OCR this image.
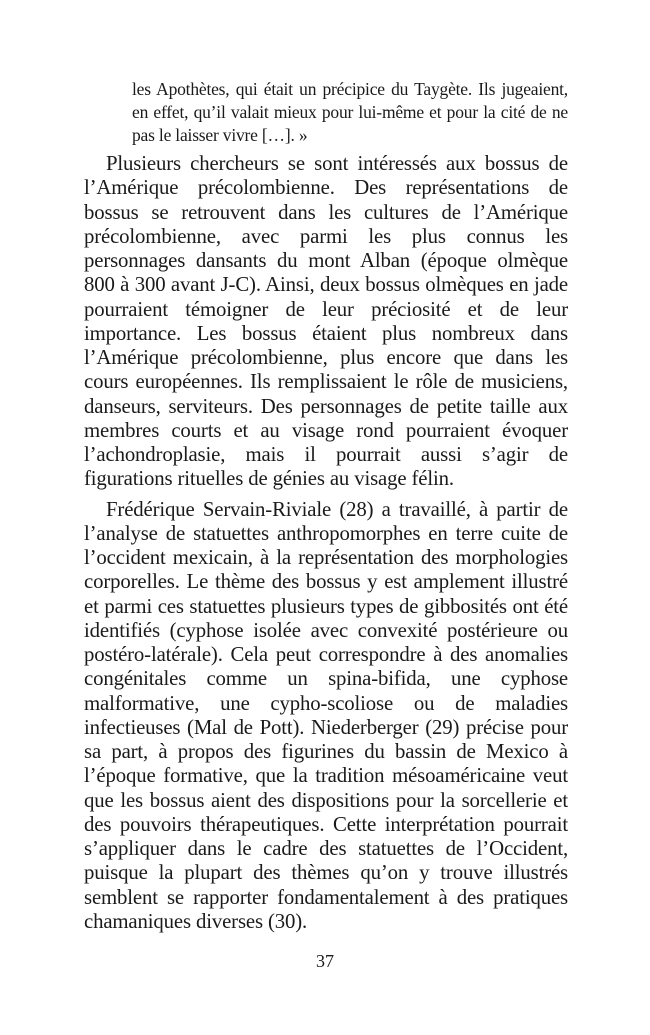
les Apothètes, qui était un précipice du Taygète. Ils jugeaient, en effet, qu’il valait mieux pour lui-même et pour la cité de ne pas le laisser vivre […]. »

Plusieurs chercheurs se sont intéressés aux bossus de l’Amérique précolombienne. Des représentations de bossus se retrouvent dans les cultures de l’Amérique précolombienne, avec parmi les plus connus les personnages dansants du mont Alban (époque olmèque 800 à 300 avant J-C). Ainsi, deux bossus olmèques en jade pourraient témoigner de leur préciosité et de leur importance. Les bossus étaient plus nombreux dans l’Amérique précolombienne, plus encore que dans les cours européennes. Ils remplissaient le rôle de musiciens, danseurs, serviteurs. Des personnages de petite taille aux membres courts et au visage rond pourraient évoquer l’achondroplasie, mais il pourrait aussi s’agir de figurations rituelles de génies au visage félin.

Frédérique Servain-Riviale (28) a travaillé, à partir de l’analyse de statuettes anthropomorphes en terre cuite de l’occident mexicain, à la représentation des morphologies corporelles. Le thème des bossus y est amplement illustré et parmi ces statuettes plusieurs types de gibbosités ont été identifiés (cyphose isolée avec convexité postérieure ou postéro-latérale). Cela peut correspondre à des anomalies congénitales comme un spina-bifida, une cyphose malformative, une cypho-scoliose ou de maladies infectieuses (Mal de Pott). Niederberger (29) précise pour sa part, à propos des figurines du bassin de Mexico à l’époque formative, que la tradition mésoaméricaine veut que les bossus aient des dispositions pour la sorcellerie et des pouvoirs thérapeutiques. Cette interprétation pourrait s’appliquer dans le cadre des statuettes de l’Occident, puisque la plupart des thèmes qu’on y trouve illustrés semblent se rapporter fondamentalement à des pratiques chamaniques diverses (30).

37
